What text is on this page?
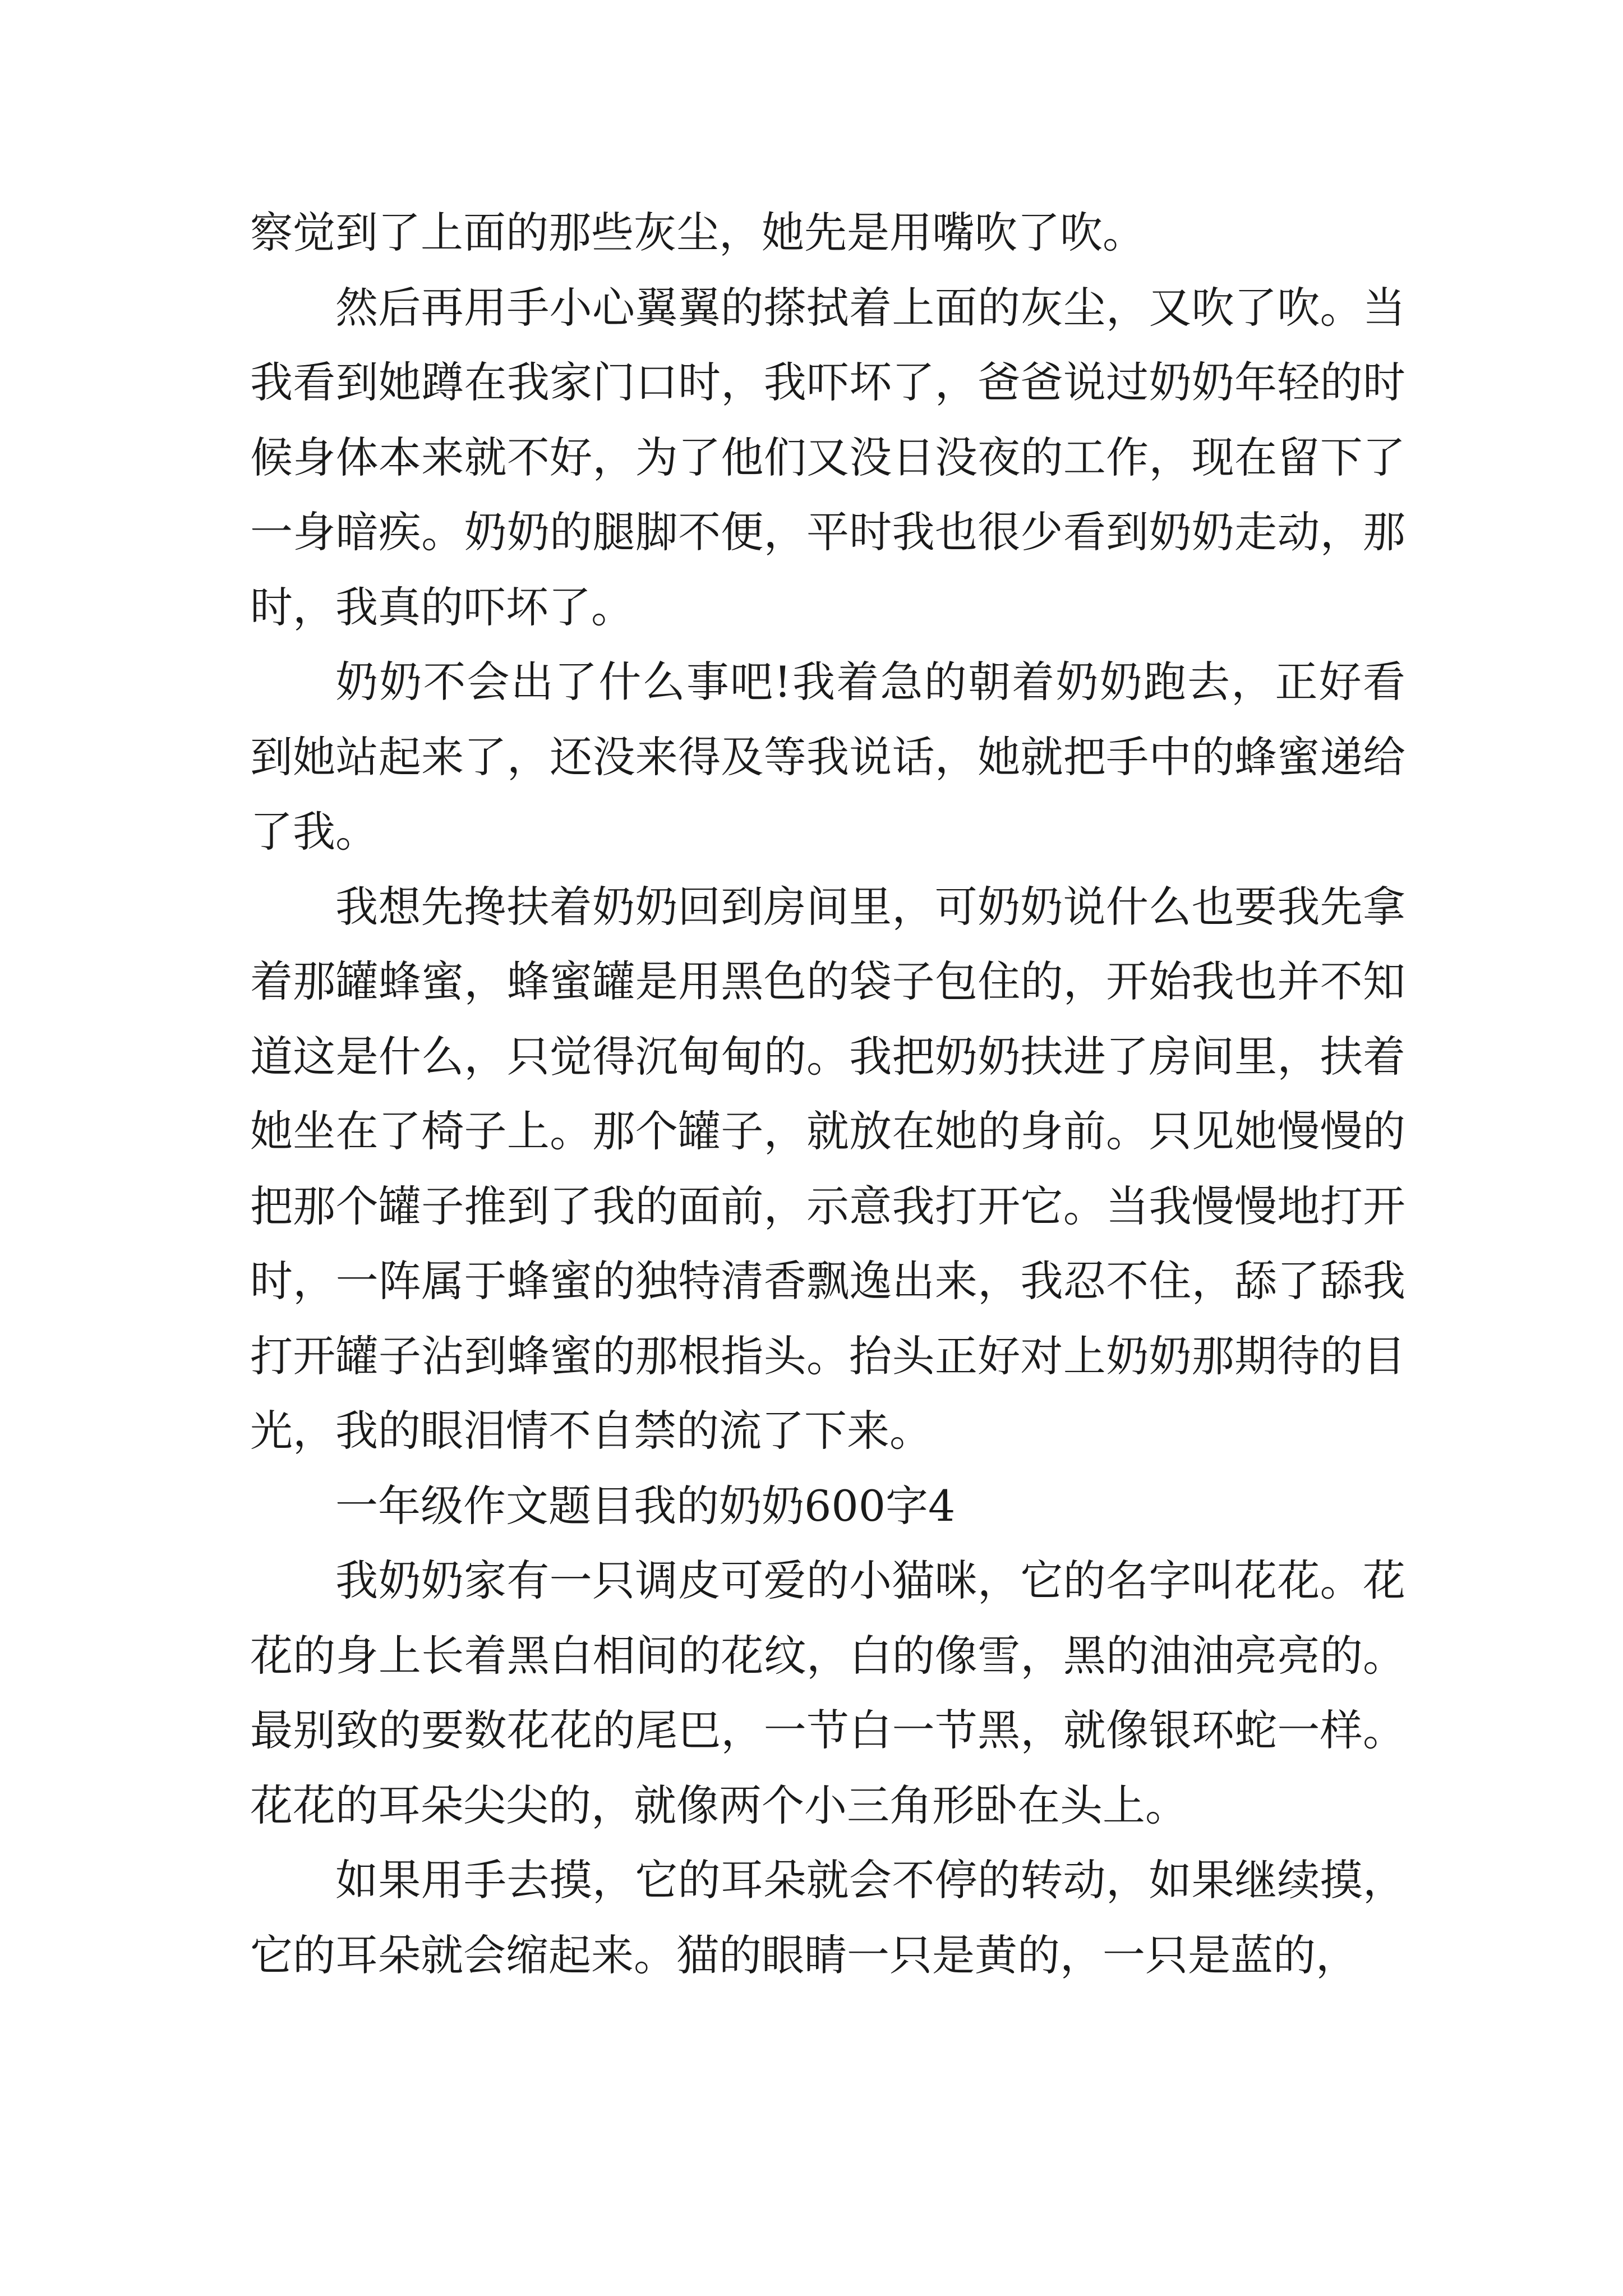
察觉到了上面的那些灰尘，她先是用嘴吹了吹。

然后再用手小心翼翼的搽拭着上面的灰尘，又吹了吹。当我看到她蹲在我家门口时，我吓坏了，爸爸说过奶奶年轻的时候身体本来就不好，为了他们又没日没夜的工作，现在留下了一身暗疾。奶奶的腿脚不便，平时我也很少看到奶奶走动，那时，我真的吓坏了。

奶奶不会出了什么事吧!我着急的朝着奶奶跑去，正好看到她站起来了，还没来得及等我说话，她就把手中的蜂蜜递给了我。

我想先搀扶着奶奶回到房间里，可奶奶说什么也要我先拿着那罐蜂蜜，蜂蜜罐是用黑色的袋子包住的，开始我也并不知道这是什么，只觉得沉甸甸的。我把奶奶扶进了房间里，扶着她坐在了椅子上。那个罐子，就放在她的身前。只见她慢慢的把那个罐子推到了我的面前，示意我打开它。当我慢慢地打开时，一阵属于蜂蜜的独特清香飘逸出来，我忍不住，舔了舔我打开罐子沾到蜂蜜的那根指头。抬头正好对上奶奶那期待的目光，我的眼泪情不自禁的流了下来。

一年级作文题目我的奶奶600字4

我奶奶家有一只调皮可爱的小猫咪，它的名字叫花花。花花的身上长着黑白相间的花纹，白的像雪，黑的油油亮亮的。最别致的要数花花的尾巴，一节白一节黑，就像银环蛇一样。花花的耳朵尖尖的，就像两个小三角形卧在头上。

如果用手去摸，它的耳朵就会不停的转动，如果继续摸，它的耳朵就会缩起来。猫的眼睛一只是黄的，一只是蓝的，
